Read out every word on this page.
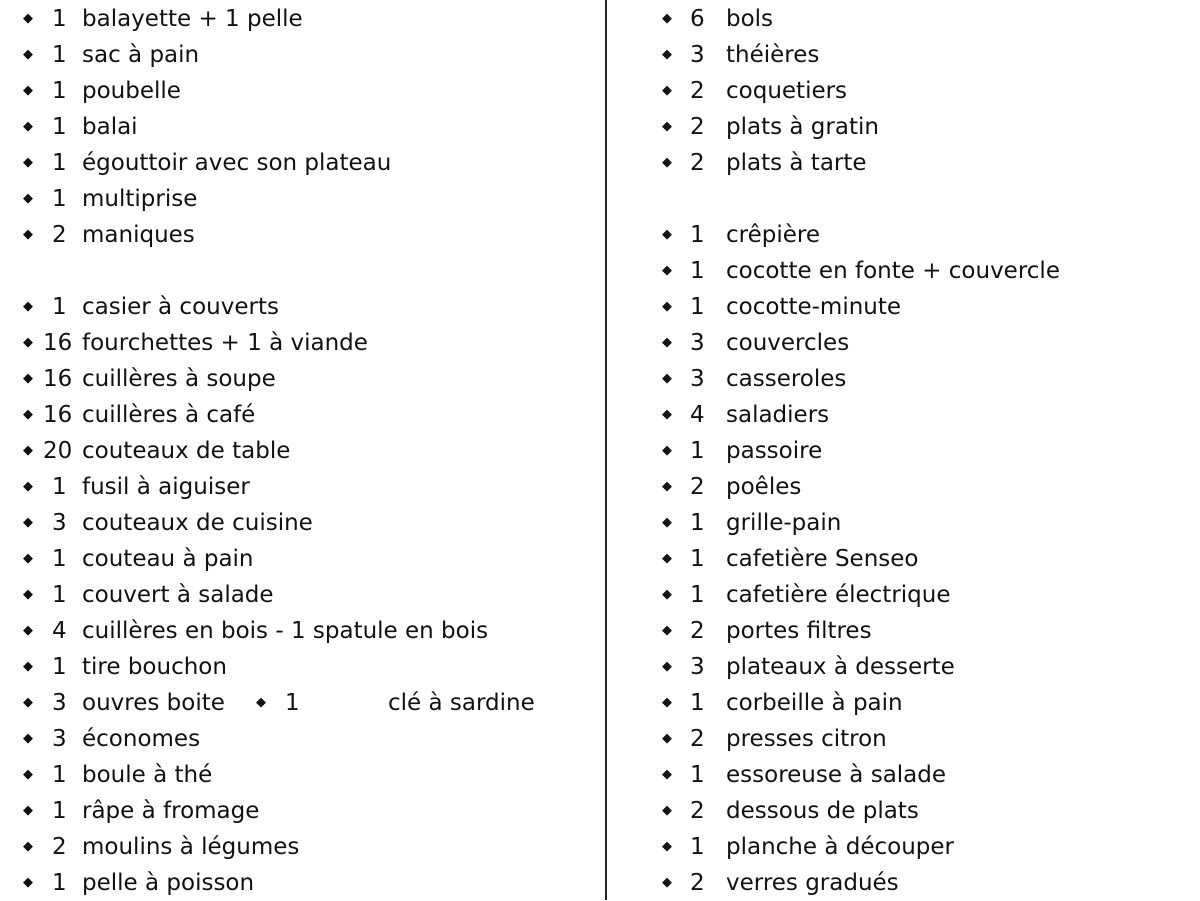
◆ 1 balayette + 1 pelle
◆ 1 sac à pain
◆ 1 poubelle
◆ 1 balai
◆ 1 égouttoir avec son plateau
◆ 1 multiprise
◆ 2 maniques
◆ 1 casier à couverts
◆ 16 fourchettes + 1 à viande
◆ 16 cuillères à soupe
◆ 16 cuillères à café
◆ 20 couteaux de table
◆ 1 fusil à aiguiser
◆ 3 couteaux de cuisine
◆ 1 couteau à pain
◆ 1 couvert à salade
◆ 4 cuillères en bois - 1 spatule en bois
◆ 1 tire bouchon
◆ 3 ouvres boite ◆ 1	clé à sardine
◆ 3 économes
◆ 1 boule à thé
◆ 1 râpe à fromage
◆ 2 moulins à légumes
◆ 1 pelle à poisson
◆ 6 bols
◆ 3 théières
◆ 2 coquetiers
◆ 2 plats à gratin
◆ 2 plats à tarte
◆ 1 crêpière
◆ 1 cocotte en fonte + couvercle
◆ 1 cocotte-minute
◆ 3 couvercles
◆ 3 casseroles
◆ 4 saladiers
◆ 1 passoire
◆ 2 poêles
◆ 1 grille-pain
◆ 1 cafetière Senseo
◆ 1 cafetière électrique
◆ 2 portes filtres
◆ 3 plateaux à desserte
◆ 1 corbeille à pain
◆ 2 presses citron
◆ 1 essoreuse à salade
◆ 2 dessous de plats
◆ 1 planche à découper
◆ 2 verres gradués
